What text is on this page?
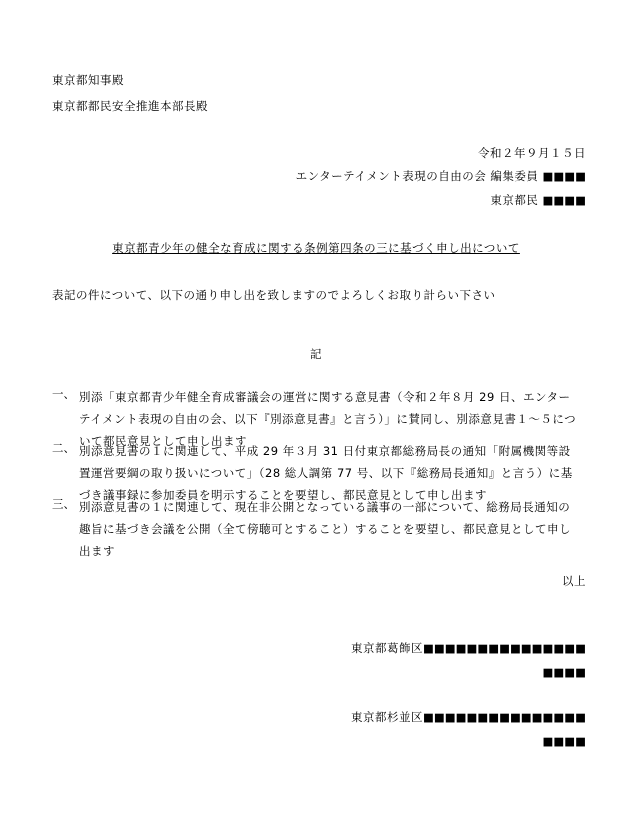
東京都知事殿
東京都都民安全推進本部長殿
令和２年９月１５日
エンターテイメント表現の自由の会 編集委員 ■■■■
東京都民 ■■■■
東京都青少年の健全な育成に関する条例第四条の三に基づく申し出について
表記の件について、以下の通り申し出を致しますのでよろしくお取り計らい下さい
記
一、 別添「東京都青少年健全育成審議会の運営に関する意見書（令和２年８月 29 日、エンターテイメント表現の自由の会、以下『別添意見書』と言う）」に賛同し、別添意見書１〜５について都民意見として申し出ます
二、 別添意見書の１に関連して、平成 29 年３月 31 日付東京都総務局長の通知「附属機関等設置運営要綱の取り扱いについて」（28 総人調第 77 号、以下『総務局長通知』と言う）に基づき議事録に参加委員を明示することを要望し、都民意見として申し出ます
三、 別添意見書の１に関連して、現在非公開となっている議事の一部について、総務局長通知の趣旨に基づき会議を公開（全て傍聴可とすること）することを要望し、都民意見として申し出ます
以上
東京都葛飾区■■■■■■■■■■■■■■■
■■■■
東京都杉並区■■■■■■■■■■■■■■■
■■■■
